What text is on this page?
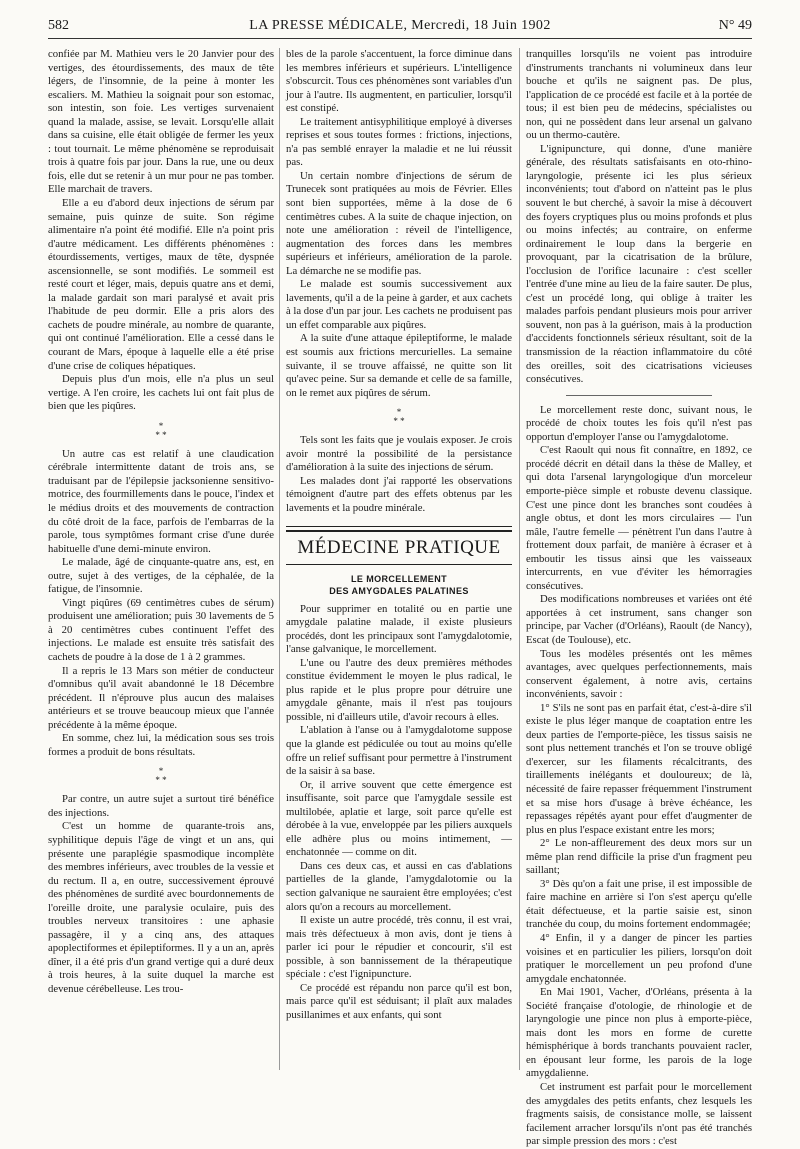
582	LA PRESSE MÉDICALE, Mercredi, 18 Juin 1902	N° 49

confiée par M. Mathieu vers le 20 Janvier pour des vertiges, des étourdissements, des maux de tête légers, de l'insomnie, de la peine à monter les escaliers. M. Mathieu la soignait pour son estomac, son intestin, son foie. Les vertiges survenaient quand la malade, assise, se levait. Lorsqu'elle allait dans sa cuisine, elle était obligée de fermer les yeux : tout tournait. Le même phénomène se reproduisait trois à quatre fois par jour. Dans la rue, une ou deux fois, elle dut se retenir à un mur pour ne pas tomber. Elle marchait de travers.

Elle a eu d'abord deux injections de sérum par semaine, puis quinze de suite. Son régime alimentaire n'a point été modifié. Elle n'a point pris d'autre médicament. Les différents phénomènes : étourdissements, vertiges, maux de tête, dyspnée ascensionnelle, se sont modifiés. Le sommeil est resté court et léger, mais, depuis quatre ans et demi, la malade gardait son mari paralysé et avait pris l'habitude de peu dormir. Elle a pris alors des cachets de poudre minérale, au nombre de quarante, qui ont continué l'amélioration. Elle a cessé dans le courant de Mars, époque à laquelle elle a été prise d'une crise de coliques hépatiques.

Depuis plus d'un mois, elle n'a plus un seul vertige. A l'en croire, les cachets lui ont fait plus de bien que les piqûres.

*
* *

Un autre cas est relatif à une claudication cérébrale intermittente datant de trois ans, se traduisant par de l'épilepsie jacksonienne sensitivo-motrice, des fourmillements dans le pouce, l'index et le médius droits et des mouvements de contraction du côté droit de la face, parfois de l'embarras de la parole, tous symptômes formant crise d'une durée habituelle d'une demi-minute environ.

Le malade, âgé de cinquante-quatre ans, est, en outre, sujet à des vertiges, de la céphalée, de la fatigue, de l'insomnie.

Vingt piqûres (69 centimètres cubes de sérum) produisent une amélioration; puis 30 lavements de 5 à 20 centimètres cubes continuent l'effet des injections. Le malade est ensuite très satisfait des cachets de poudre à la dose de 1 à 2 grammes.

Il a repris le 13 Mars son métier de conducteur d'omnibus qu'il avait abandonné le 18 Décembre précédent. Il n'éprouve plus aucun des malaises antérieurs et se trouve beaucoup mieux que l'année précédente à la même époque.

En somme, chez lui, la médication sous ses trois formes a produit de bons résultats.

*
* *

Par contre, un autre sujet a surtout tiré bénéfice des injections.

C'est un homme de quarante-trois ans, syphilitique depuis l'âge de vingt et un ans, qui présente une paraplégie spasmodique incomplète des membres inférieurs, avec troubles de la vessie et du rectum. Il a, en outre, successivement éprouvé des phénomènes de surdité avec bourdonnements de l'oreille droite, une paralysie oculaire, puis des troubles nerveux transitoires : une aphasie passagère, il y a cinq ans, des attaques apoplectiformes et épileptiformes. Il y a un an, après dîner, il a été pris d'un grand vertige qui a duré deux à trois heures, à la suite duquel la marche est devenue cérébelleuse. Les trou-

bles de la parole s'accentuent, la force diminue dans les membres inférieurs et supérieurs. L'intelligence s'obscurcit. Tous ces phénomènes sont variables d'un jour à l'autre. Ils augmentent, en particulier, lorsqu'il est constipé.

Le traitement antisyphilitique employé à diverses reprises et sous toutes formes : frictions, injections, n'a pas semblé enrayer la maladie et ne lui réussit pas.

Un certain nombre d'injections de sérum de Trunecek sont pratiquées au mois de Février. Elles sont bien supportées, même à la dose de 6 centimètres cubes. A la suite de chaque injection, on note une amélioration : réveil de l'intelligence, augmentation des forces dans les membres supérieurs et inférieurs, amélioration de la parole. La démarche ne se modifie pas.

Le malade est soumis successivement aux lavements, qu'il a de la peine à garder, et aux cachets à la dose d'un par jour. Les cachets ne produisent pas un effet comparable aux piqûres.

A la suite d'une attaque épileptiforme, le malade est soumis aux frictions mercurielles. La semaine suivante, il se trouve affaissé, ne quitte son lit qu'avec peine. Sur sa demande et celle de sa famille, on le remet aux piqûres de sérum.

*
* *

Tels sont les faits que je voulais exposer. Je crois avoir montré la possibilité de la persistance d'amélioration à la suite des injections de sérum.

Les malades dont j'ai rapporté les observations témoignent d'autre part des effets obtenus par les lavements et la poudre minérale.

MÉDECINE PRATIQUE
LE MORCELLEMENT
DES AMYGDALES PALATINES

Pour supprimer en totalité ou en partie une amygdale palatine malade, il existe plusieurs procédés, dont les principaux sont l'amygdalotomie, l'anse galvanique, le morcellement.

L'une ou l'autre des deux premières méthodes constitue évidemment le moyen le plus radical, le plus rapide et le plus propre pour détruire une amygdale gênante, mais il n'est pas toujours possible, ni d'ailleurs utile, d'avoir recours à elles.

L'ablation à l'anse ou à l'amygdalotome suppose que la glande est pédiculée ou tout au moins qu'elle offre un relief suffisant pour permettre à l'instrument de la saisir à sa base.

Or, il arrive souvent que cette émergence est insuffisante, soit parce que l'amygdale sessile est multilobée, aplatie et large, soit parce qu'elle est dérobée à la vue, enveloppée par les piliers auxquels elle adhère plus ou moins intimement, — enchatonnée — comme on dit.

Dans ces deux cas, et aussi en cas d'ablations partielles de la glande, l'amygdalotomie ou la section galvanique ne sauraient être employées; c'est alors qu'on a recours au morcellement.

Il existe un autre procédé, très connu, il est vrai, mais très défectueux à mon avis, dont je tiens à parler ici pour le répudier et concourir, s'il est possible, à son bannissement de la thérapeutique spéciale : c'est l'ignipuncture.

Ce procédé est répandu non parce qu'il est bon, mais parce qu'il est séduisant; il plaît aux malades pusillanimes et aux enfants, qui sont

tranquilles lorsqu'ils ne voient pas introduire d'instruments tranchants ni volumineux dans leur bouche et qu'ils ne saignent pas. De plus, l'application de ce procédé est facile et à la portée de tous; il est bien peu de médecins, spécialistes ou non, qui ne possèdent dans leur arsenal un galvano ou un thermo-cautère.

L'ignipuncture, qui donne, d'une manière générale, des résultats satisfaisants en oto-rhino-laryngologie, présente ici les plus sérieux inconvénients; tout d'abord on n'atteint pas le plus souvent le but cherché, à savoir la mise à découvert des foyers cryptiques plus ou moins profonds et plus ou moins infectés; au contraire, on enferme ordinairement le loup dans la bergerie en provoquant, par la cicatrisation de la brûlure, l'occlusion de l'orifice lacunaire : c'est sceller l'entrée d'une mine au lieu de la faire sauter. De plus, c'est un procédé long, qui oblige à traiter les malades parfois pendant plusieurs mois pour arriver souvent, non pas à la guérison, mais à la production d'accidents fonctionnels sérieux résultant, soit de la transmission de la réaction inflammatoire du côté des oreilles, soit des cicatrisations vicieuses consécutives.

Le morcellement reste donc, suivant nous, le procédé de choix toutes les fois qu'il n'est pas opportun d'employer l'anse ou l'amygdalotome.

C'est Raoult qui nous fit connaître, en 1892, ce procédé décrit en détail dans la thèse de Malley, et qui dota l'arsenal laryngologique d'un morceleur emporte-pièce simple et robuste devenu classique. C'est une pince dont les branches sont coudées à angle obtus, et dont les mors circulaires — l'un mâle, l'autre femelle — pénètrent l'un dans l'autre à frottement doux parfait, de manière à écraser et à emboutir les tissus ainsi que les vaisseaux intercurrents, en vue d'éviter les hémorragies consécutives.

Des modifications nombreuses et variées ont été apportées à cet instrument, sans changer son principe, par Vacher (d'Orléans), Raoult (de Nancy), Escat (de Toulouse), etc.

Tous les modèles présentés ont les mêmes avantages, avec quelques perfectionnements, mais conservent également, à notre avis, certains inconvénients, savoir :

1° S'ils ne sont pas en parfait état, c'est-à-dire s'il existe le plus léger manque de coaptation entre les deux parties de l'emporte-pièce, les tissus saisis ne sont plus nettement tranchés et l'on se trouve obligé d'exercer, sur les filaments récalcitrants, des tiraillements inélégants et douloureux; de là, nécessité de faire repasser fréquemment l'instrument et sa mise hors d'usage à brève échéance, les repassages répétés ayant pour effet d'augmenter de plus en plus l'espace existant entre les mors;

2° Le non-affleurement des deux mors sur un même plan rend difficile la prise d'un fragment peu saillant;

3° Dès qu'on a fait une prise, il est impossible de faire machine en arrière si l'on s'est aperçu qu'elle était défectueuse, et la partie saisie est, sinon tranchée du coup, du moins fortement endommagée;

4° Enfin, il y a danger de pincer les parties voisines et en particulier les piliers, lorsqu'on doit pratiquer le morcellement un peu profond d'une amygdale enchatonnée.

En Mai 1901, Vacher, d'Orléans, présenta à la Société française d'otologie, de rhinologie et de laryngologie une pince non plus à emporte-pièce, mais dont les mors en forme de curette hémisphérique à bords tranchants pouvaient racler, en épousant leur forme, les parois de la loge amygdalienne.

Cet instrument est parfait pour le morcellement des amygdales des petits enfants, chez lesquels les fragments saisis, de consistance molle, se laissent facilement arracher lorsqu'ils n'ont pas été tranchés par simple pression des mors : c'est
